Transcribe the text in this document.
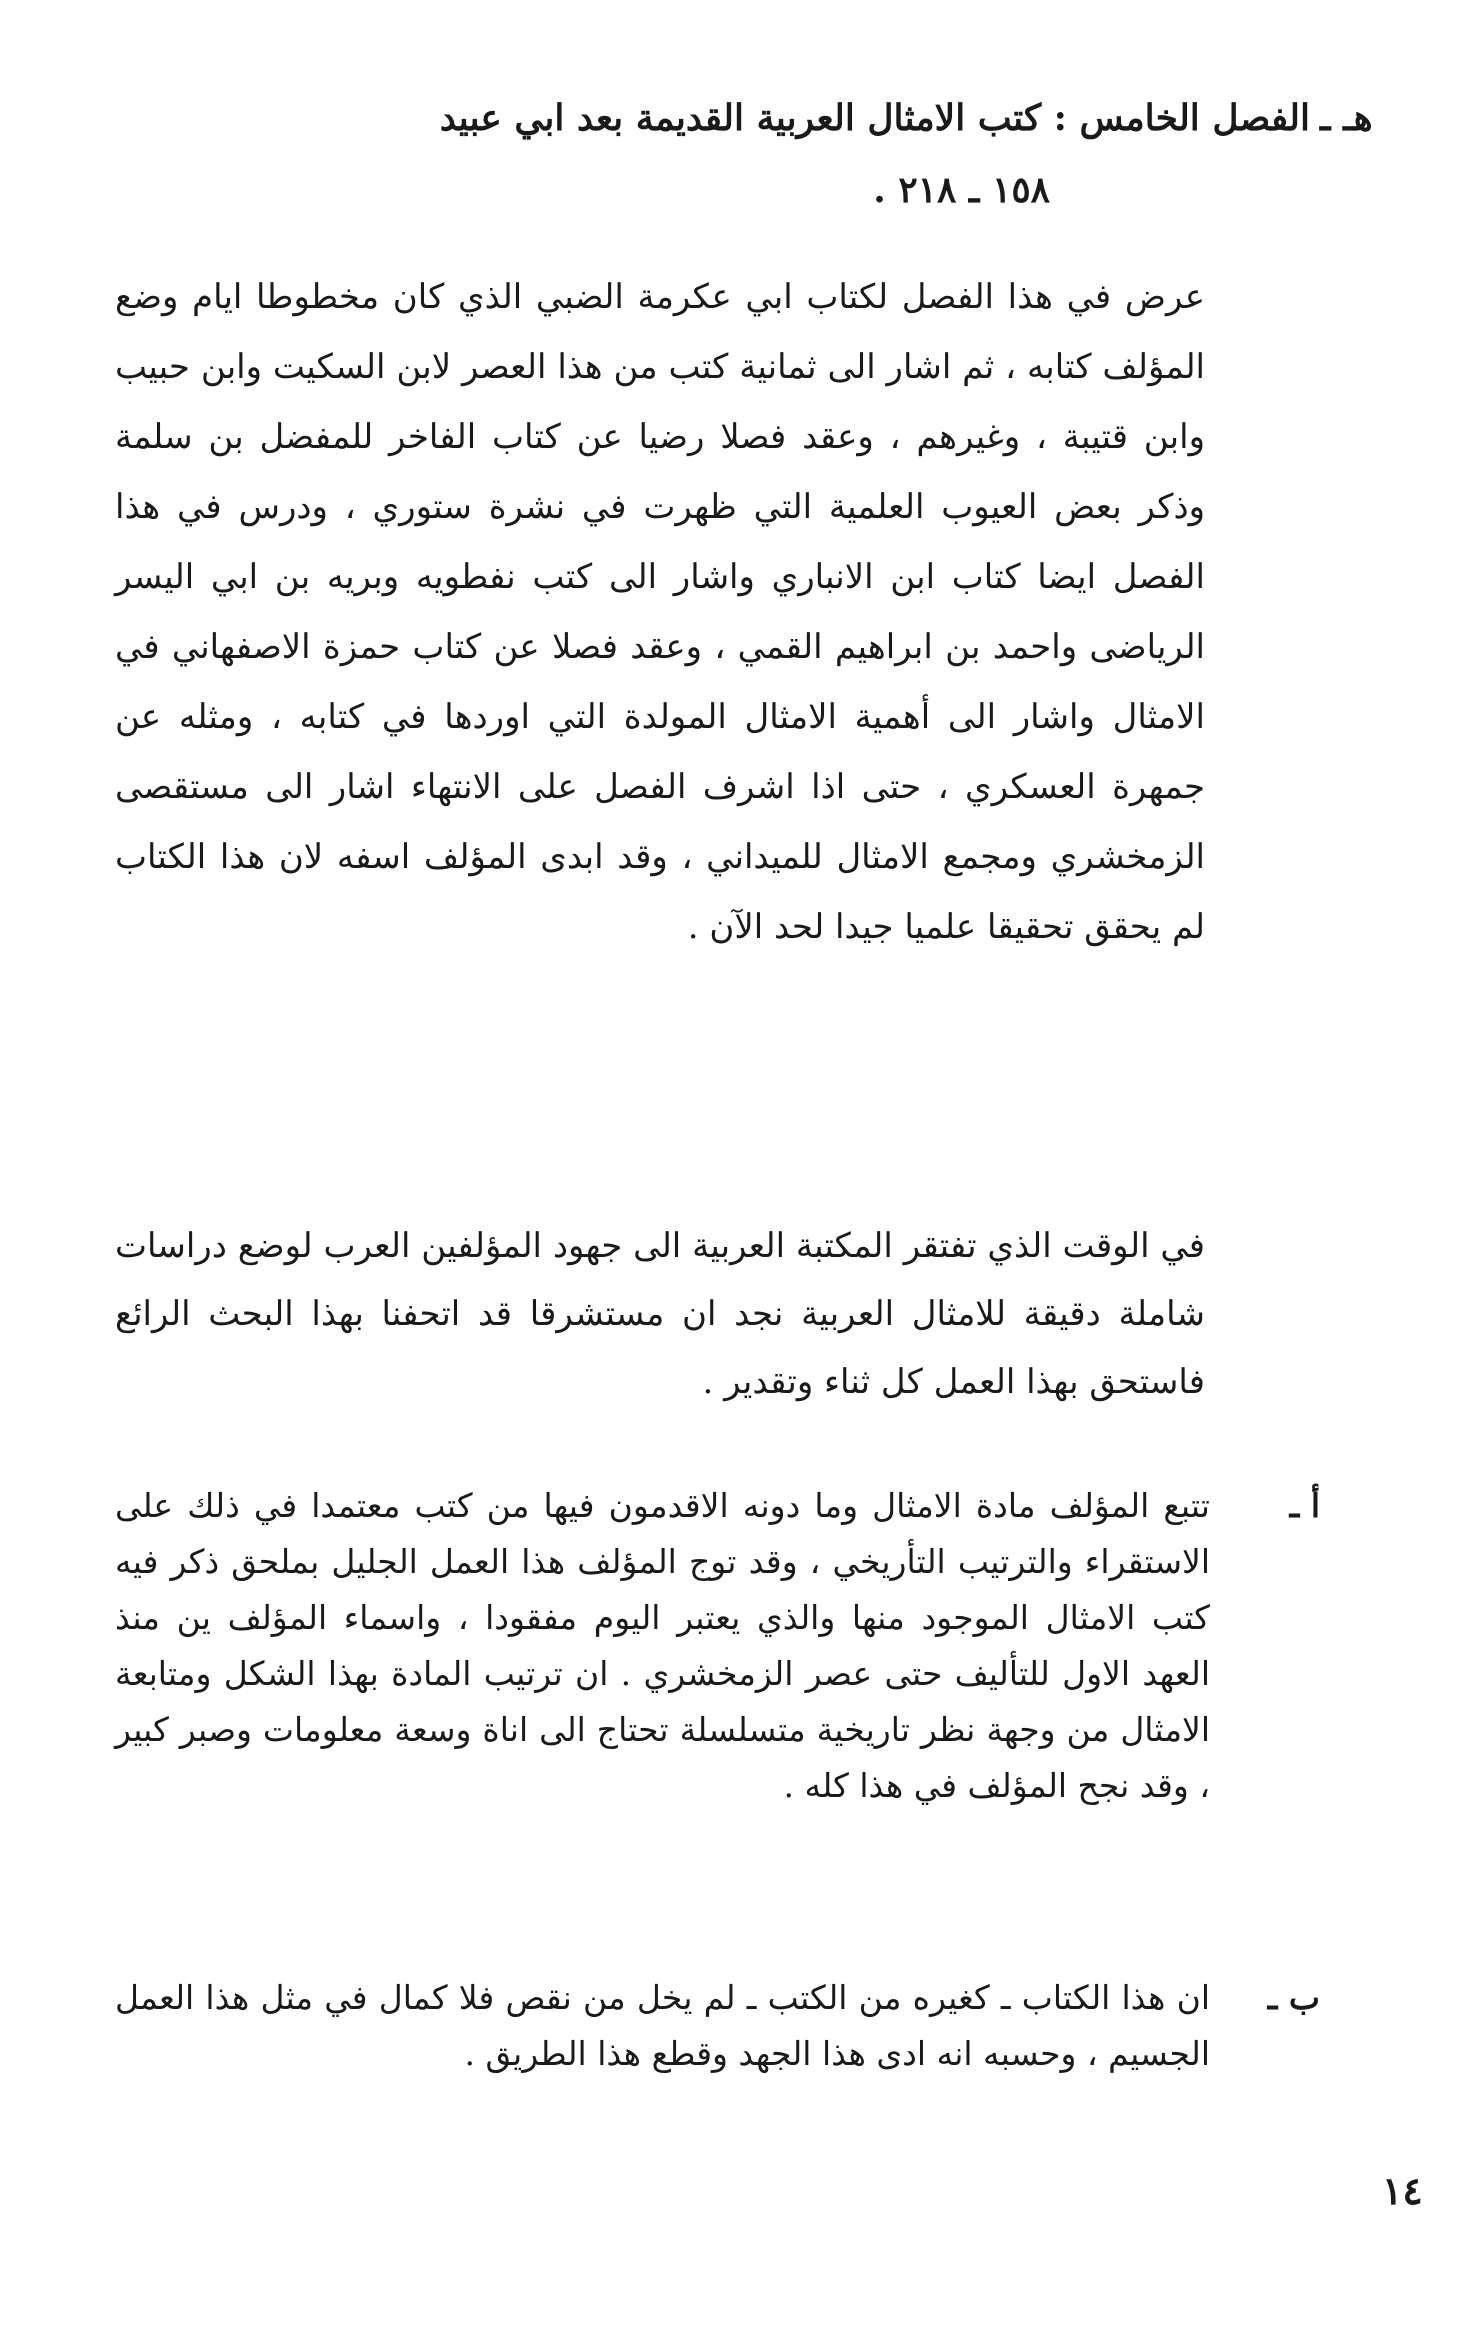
هـ ـ
الفصل الخامس : كتب الامثال العربية القديمة بعد ابي عبيد
١٥٨ ـ ٢١٨ .

عرض في هذا الفصل لكتاب ابي عكرمة الضبي الذي كان مخطوطا ايام وضع المؤلف كتابه ، ثم اشار الى ثمانية كتب من هذا العصر لابن السكيت وابن حبيب وابن قتيبة ، وغيرهم ، وعقد فصلا رضيا عن كتاب الفاخر للمفضل بن سلمة وذكر بعض العيوب العلمية التي ظهرت في نشرة ستوري ، ودرس في هذا الفصل ايضا كتاب ابن الانباري واشار الى كتب نفطويه وبريه بن ابي اليسر الرياضى واحمد بن ابراهيم القمي ، وعقد فصلا عن كتاب حمزة الاصفهاني في الامثال واشار الى أهمية الامثال المولدة التي اوردها في كتابه ، ومثله عن جمهرة العسكري ، حتى اذا اشرف الفصل على الانتهاء اشار الى مستقصى الزمخشري ومجمع الامثال للميداني ، وقد ابدى المؤلف اسفه لان هذا الكتاب لم يحقق تحقيقا علميا جيدا لحد الآن .

في الوقت الذي تفتقر المكتبة العربية الى جهود المؤلفين العرب لوضع دراسات شاملة دقيقة للامثال العربية نجد ان مستشرقا قد اتحفنا بهذا البحث الرائع فاستحق بهذا العمل كل ثناء وتقدير .

أ ـ
تتبع المؤلف مادة الامثال وما دونه الاقدمون فيها من كتب معتمدا في ذلك على الاستقراء والترتيب التأريخي ، وقد توج المؤلف هذا العمل الجليل بملحق ذكر فيه كتب الامثال الموجود منها والذي يعتبر اليوم مفقودا ، واسماء المؤلف ين منذ العهد الاول للتأليف حتى عصر الزمخشري . ان ترتيب المادة بهذا الشكل ومتابعة الامثال من وجهة نظر تاريخية متسلسلة تحتاج الى اناة وسعة معلومات وصبر كبير ، وقد نجح المؤلف في هذا كله .
ب ـ
ان هذا الكتاب ـ كغيره من الكتب ـ لم يخل من نقص فلا كمال في مثل هذا العمل الجسيم ، وحسبه انه ادى هذا الجهد وقطع هذا الطريق .
١٤
